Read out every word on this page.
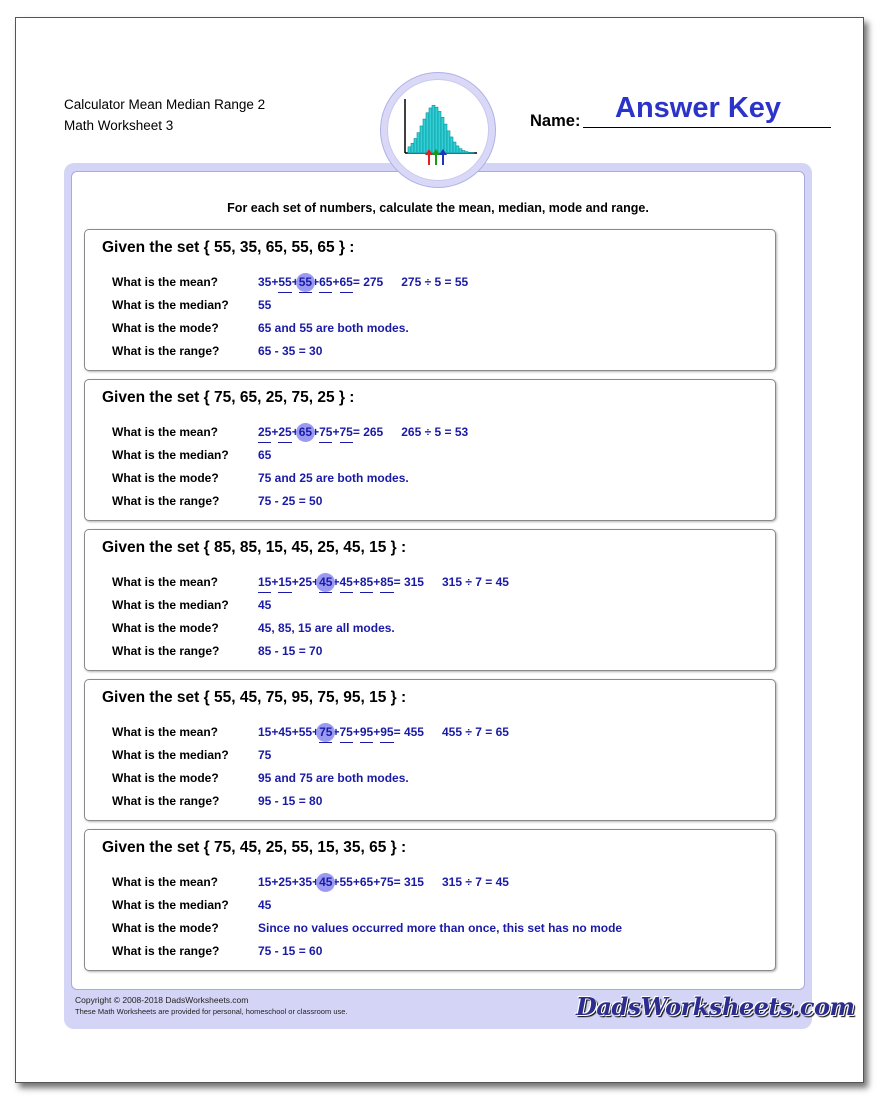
Calculator Mean Median Range 2
Math Worksheet 3	Name: Answer Key
For each set of numbers, calculate the mean, median, mode and range.
Given the set { 55, 35, 65, 55, 65 } :
What is the mean?	35 + 55 + 55 + 65 + 65 = 275 275 ÷ 5 = 55
What is the median? 55
What is the mode?	65 and 55 are both modes.
What is the range?	65 - 35 = 30
Given the set { 75, 65, 25, 75, 25 } :
What is the mean?	25 + 25 + 65 + 75 + 75 = 265 265 ÷ 5 = 53
What is the median? 65
What is the mode?	75 and 25 are both modes.
What is the range?	75 - 25 = 50
Given the set { 85, 85, 15, 45, 25, 45, 15 } :
What is the mean?	15 + 15 + 25 + 45 + 45 + 85 + 85 = 315 315 ÷ 7 = 45
What is the median? 45
What is the mode?	45, 85, 15 are all modes.
What is the range?	85 - 15 = 70
Given the set { 55, 45, 75, 95, 75, 95, 15 } :
What is the mean?	15 + 45 + 55 + 75 + 75 + 95 + 95 = 455 455 ÷ 7 = 65
What is the median? 75
What is the mode?	95 and 75 are both modes.
What is the range?	95 - 15 = 80
Given the set { 75, 45, 25, 55, 15, 35, 65 } :
What is the mean?	15 + 25 + 35 + 45 + 55 + 65 + 75 = 315 315 ÷ 7 = 45
What is the median? 45
What is the mode?	Since no values occurred more than once, this set has no mode
What is the range?	75 - 15 = 60
Copyright © 2008-2018 DadsWorksheets.com
These Math Worksheets are provided for personal, homeschool or classroom use.	DadsWorksheets.com
